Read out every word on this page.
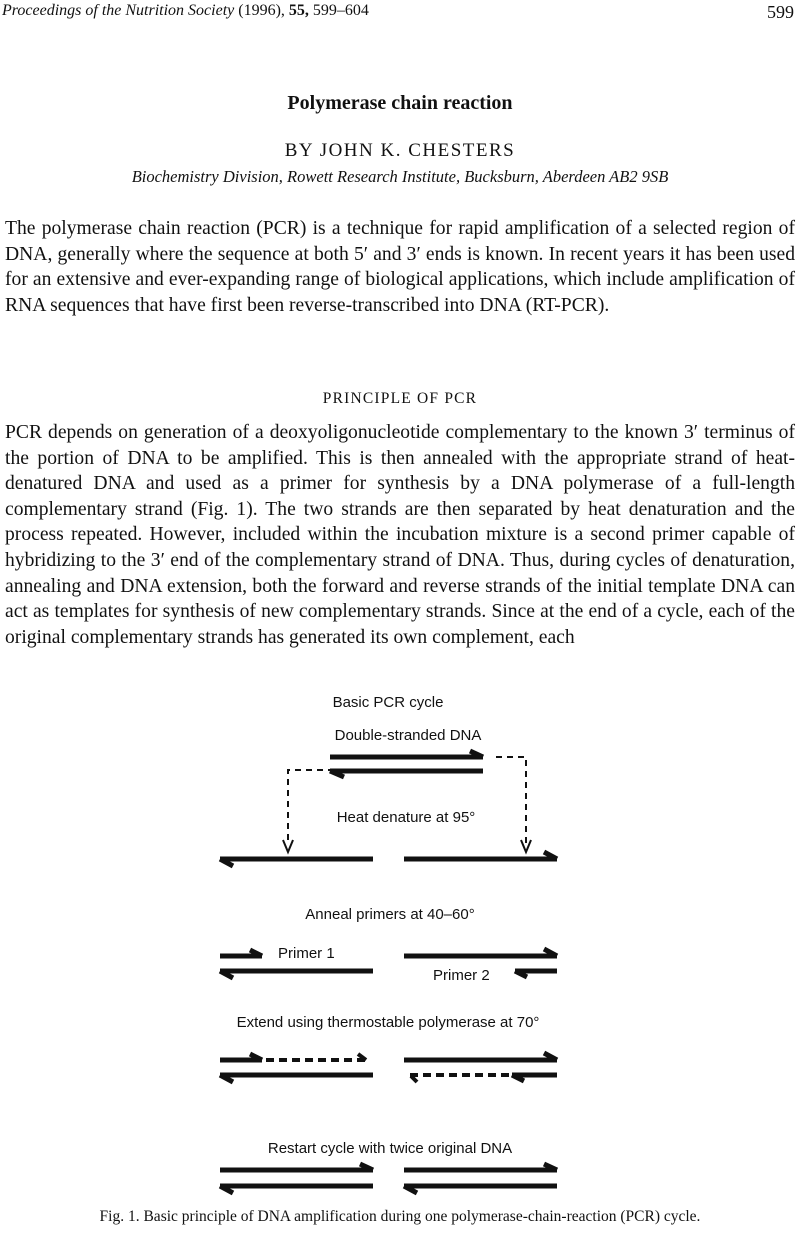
Proceedings of the Nutrition Society (1996), 55, 599–604	599
Polymerase chain reaction
BY JOHN K. CHESTERS
Biochemistry Division, Rowett Research Institute, Bucksburn, Aberdeen AB2 9SB
The polymerase chain reaction (PCR) is a technique for rapid amplification of a selected region of DNA, generally where the sequence at both 5′ and 3′ ends is known. In recent years it has been used for an extensive and ever-expanding range of biological applications, which include amplification of RNA sequences that have first been reverse-transcribed into DNA (RT-PCR).
PRINCIPLE OF PCR
PCR depends on generation of a deoxyoligonucleotide complementary to the known 3′ terminus of the portion of DNA to be amplified. This is then annealed with the appropriate strand of heat-denatured DNA and used as a primer for synthesis by a DNA polymerase of a full-length complementary strand (Fig. 1). The two strands are then separated by heat denaturation and the process repeated. However, included within the incubation mixture is a second primer capable of hybridizing to the 3′ end of the complementary strand of DNA. Thus, during cycles of denaturation, annealing and DNA extension, both the forward and reverse strands of the initial template DNA can act as templates for synthesis of new complementary strands. Since at the end of a cycle, each of the original complementary strands has generated its own complement, each
Basic PCR cycle
Double-stranded DNA
Heat denature at 95°
Anneal primers at 40–60°
Primer 1
Primer 2
Extend using thermostable polymerase at 70°
Restart cycle with twice original DNA
Fig. 1. Basic principle of DNA amplification during one polymerase-chain-reaction (PCR) cycle.
